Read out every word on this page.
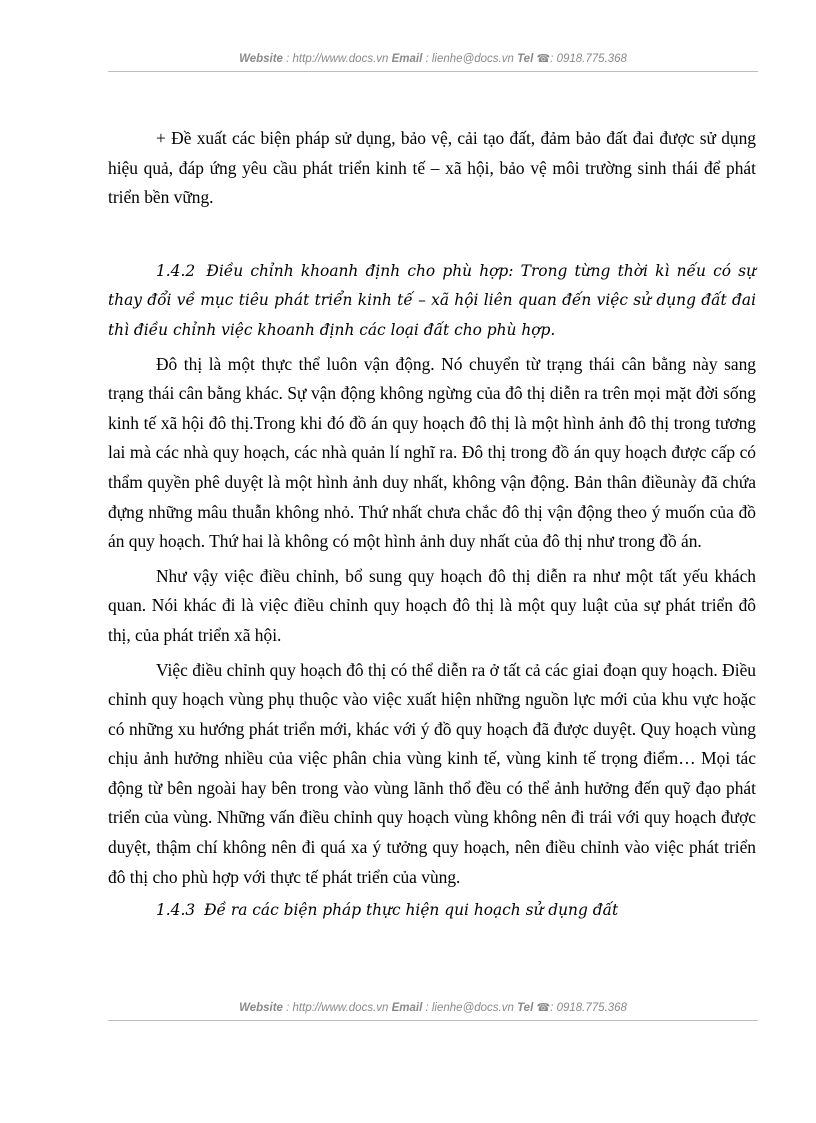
Website : http://www.docs.vn Email : lienhe@docs.vn Tel ☎: 0918.775.368

+ Đề xuất các biện pháp sử dụng, bảo vệ, cải tạo đất, đảm bảo đất đai được sử dụng hiệu quả, đáp ứng yêu cầu phát triển kinh tế – xã hội, bảo vệ môi trường sinh thái để phát triển bền vững.

1.4.2 Điều chỉnh khoanh định cho phù hợp: Trong từng thời kì nếu có sự thay đổi về mục tiêu phát triển kinh tế – xã hội liên quan đến việc sử dụng đất đai thì điều chỉnh việc khoanh định các loại đất cho phù hợp.

Đô thị là một thực thể luôn vận động. Nó chuyển từ trạng thái cân bằng này sang trạng thái cân bằng khác. Sự vận động không ngừng của đô thị diễn ra trên mọi mặt đời sống kinh tế xã hội đô thị.Trong khi đó đồ án quy hoạch đô thị là một hình ảnh đô thị trong tương lai mà các nhà quy hoạch, các nhà quản lí nghĩ ra. Đô thị trong đồ án quy hoạch được cấp có thẩm quyền phê duyệt là một hình ảnh duy nhất, không vận động. Bản thân điềunày đã chứa đựng những mâu thuẫn không nhỏ. Thứ nhất chưa chắc đô thị vận động theo ý muốn của đồ án quy hoạch. Thứ hai là không có một hình ảnh duy nhất của đô thị như trong đồ án.

Như vậy việc điều chỉnh, bổ sung quy hoạch đô thị diễn ra như một tất yếu khách quan. Nói khác đi là việc điều chỉnh quy hoạch đô thị là một quy luật của sự phát triển đô thị, của phát triển xã hội.

Việc điều chỉnh quy hoạch đô thị có thể diễn ra ở tất cả các giai đoạn quy hoạch. Điều chỉnh quy hoạch vùng phụ thuộc vào việc xuất hiện những nguồn lực mới của khu vực hoặc có những xu hướng phát triển mới, khác với ý đồ quy hoạch đã được duyệt. Quy hoạch vùng chịu ảnh hưởng nhiều của việc phân chia vùng kinh tế, vùng kinh tế trọng điểm… Mọi tác động từ bên ngoài hay bên trong vào vùng lãnh thổ đều có thể ảnh hưởng đến quỹ đạo phát triển của vùng. Những vấn điều chỉnh quy hoạch vùng không nên đi trái với quy hoạch được duyệt, thậm chí không nên đi quá xa ý tưởng quy hoạch, nên điều chỉnh vào việc phát triển đô thị cho phù hợp với thực tế phát triển của vùng.

1.4.3 Đề ra các biện pháp thực hiện qui hoạch sử dụng đất

Website : http://www.docs.vn Email : lienhe@docs.vn Tel ☎: 0918.775.368
